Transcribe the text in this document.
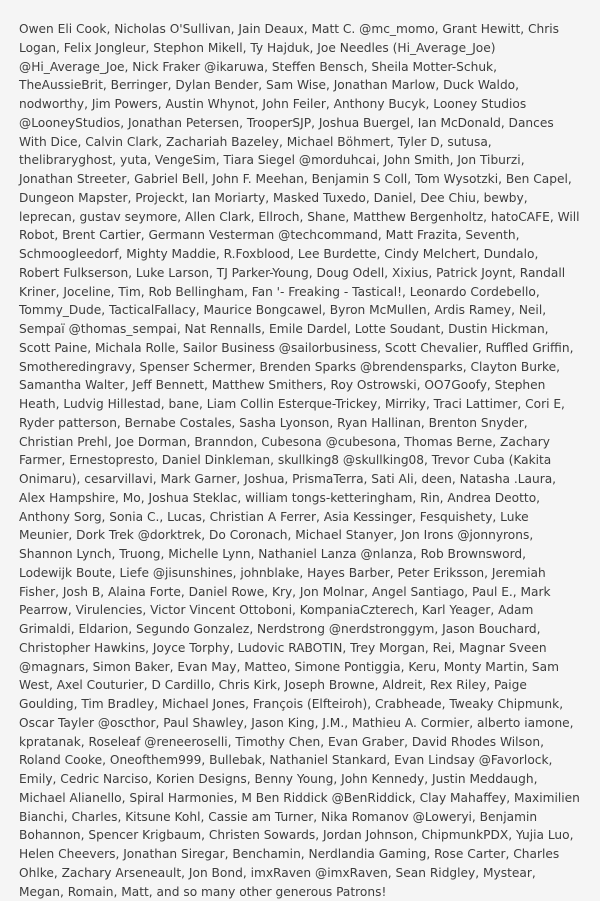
Owen Eli Cook, Nicholas O'Sullivan, Jain Deaux, Matt C. @mc_momo, Grant Hewitt, Chris Logan, Felix Jongleur, Stephon Mikell, Ty Hajduk, Joe Needles (Hi_Average_Joe) @Hi_Average_Joe, Nick Fraker @ikaruwa, Steffen Bensch, Sheila Motter-Schuk, TheAussieBrit, Berringer, Dylan Bender, Sam Wise, Jonathan Marlow, Duck Waldo, nodworthy, Jim Powers, Austin Whynot, John Feiler, Anthony Bucyk, Looney Studios @LooneyStudios, Jonathan Petersen, TrooperSJP, Joshua Buergel, Ian McDonald, Dances With Dice, Calvin Clark, Zachariah Bazeley, Michael Böhmert, Tyler D, sutusa, thelibraryghost, yuta, VengeSim, Tiara Siegel @morduhcai, John Smith, Jon Tiburzi, Jonathan Streeter, Gabriel Bell, John F. Meehan, Benjamin S Coll, Tom Wysotzki, Ben Capel, Dungeon Mapster, Projeckt, Ian Moriarty, Masked Tuxedo, Daniel, Dee Chiu, bewby, leprecan, gustav seymore, Allen Clark, Ellroch, Shane, Matthew Bergenholtz, hatoCAFE, Will Robot, Brent Cartier, Germann Vesterman @techcommand, Matt Frazita, Seventh, Schmoogleedorf, Mighty Maddie, R.Foxblood, Lee Burdette, Cindy Melchert, Dundalo, Robert Fulkserson, Luke Larson, TJ Parker-Young, Doug Odell, Xixius, Patrick Joynt, Randall Kriner, Joceline, Tim, Rob Bellingham, Fan '- Freaking - Tastical!, Leonardo Cordebello, Tommy_Dude, TacticalFallacy, Maurice Bongcawel, Byron McMullen, Ardis Ramey, Neil, Sempaï @thomas_sempai, Nat Rennalls, Emile Dardel, Lotte Soudant, Dustin Hickman, Scott Paine, Michala Rolle, Sailor Business @sailorbusiness, Scott Chevalier, Ruffled Griffin, Smotheredingravy, Spenser Schermer, Brenden Sparks @brendensparks, Clayton Burke, Samantha Walter, Jeff Bennett, Matthew Smithers, Roy Ostrowski, OO7Goofy, Stephen Heath, Ludvig Hillestad, bane, Liam Collin Esterque-Trickey, Mirriky, Traci Lattimer, Cori E, Ryder patterson, Bernabe Costales, Sasha Lyonson, Ryan Hallinan, Brenton Snyder, Christian Prehl, Joe Dorman, Branndon, Cubesona @cubesona, Thomas Berne, Zachary Farmer, Ernestopresto, Daniel Dinkleman, skullking8 @skullking08, Trevor Cuba (Kakita Onimaru), cesarvillavi, Mark Garner, Joshua, PrismaTerra, Sati Ali, deen, Natasha .Laura, Alex Hampshire, Mo, Joshua Steklac, william tongs-ketteringham, Rin, Andrea Deotto, Anthony Sorg, Sonia C., Lucas, Christian A Ferrer, Asia Kessinger, Fesquishety, Luke Meunier, Dork Trek @dorktrek, Do Coronach, Michael Stanyer, Jon Irons @jonnyrons, Shannon Lynch, Truong, Michelle Lynn, Nathaniel Lanza @nlanza, Rob Brownsword, Lodewijk Boute, Liefe @jisunshines, johnblake, Hayes Barber, Peter Eriksson, Jeremiah Fisher, Josh B, Alaina Forte, Daniel Rowe, Kry, Jon Molnar, Angel Santiago, Paul E., Mark Pearrow, Virulencies, Victor Vincent Ottoboni, KompaniaCzterech, Karl Yeager, Adam Grimaldi, Eldarion, Segundo Gonzalez, Nerdstrong @nerdstronggym, Jason Bouchard, Christopher Hawkins, Joyce Torphy, Ludovic RABOTIN, Trey Morgan, Rei, Magnar Sveen @magnars, Simon Baker, Evan May, Matteo, Simone Pontiggia, Keru, Monty Martin, Sam West, Axel Couturier, D Cardillo, Chris Kirk, Joseph Browne, Aldreit, Rex Riley, Paige Goulding, Tim Bradley, Michael Jones, François (Elfteiroh), Crabheade, Tweaky Chipmunk, Oscar Tayler @oscthor, Paul Shawley, Jason King, J.M., Mathieu A. Cormier, alberto iamone, kpratanak, Roseleaf @reneeroselli, Timothy Chen, Evan Graber, David Rhodes Wilson, Roland Cooke, Oneofthem999, Bullebak, Nathaniel Stankard, Evan Lindsay @Favorlock, Emily, Cedric Narciso, Korien Designs, Benny Young, John Kennedy, Justin Meddaugh, Michael Alianello, Spiral Harmonies, M Ben Riddick @BenRiddick, Clay Mahaffey, Maximilien Bianchi, Charles, Kitsune Kohl, Cassie am Turner, Nika Romanov @Loweryi, Benjamin Bohannon, Spencer Krigbaum, Christen Sowards, Jordan Johnson, ChipmunkPDX, Yujia Luo, Helen Cheevers, Jonathan Siregar, Benchamin, Nerdlandia Gaming, Rose Carter, Charles Ohlke, Zachary Arseneault, Jon Bond, imxRaven @imxRaven, Sean Ridgley, Mystear, Megan, Romain, Matt, and so many other generous Patrons!
